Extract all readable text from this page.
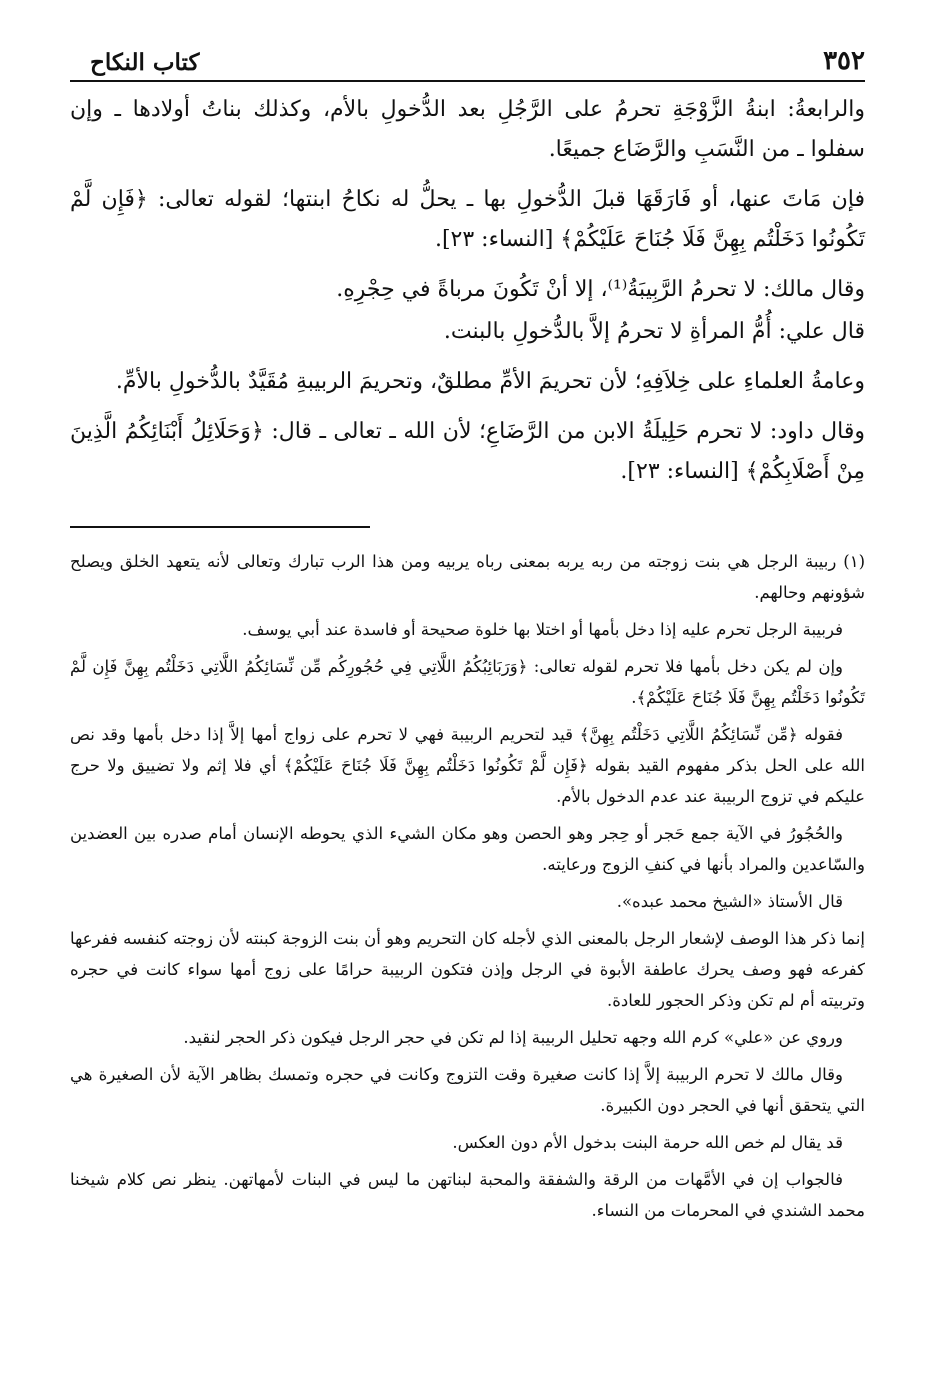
٣٥٢
كتاب النكاح

والرابعةُ: ابنةُ الزَّوْجَةِ تحرمُ على الرَّجُلِ بعد الدُّخولِ بالأم، وكذلك بناتُ أولادها ـ وإن سفلوا ـ من النَّسَبِ والرَّضَاع جميعًا.

فإن مَاتَ عنها، أو فَارَقَهَا قبلَ الدُّخولِ بها ـ يحلُّ له نكاحُ ابنتها؛ لقوله تعالى: ﴿فَإِن لَّمْ تَكُونُوا دَخَلْتُم بِهِنَّ فَلَا جُنَاحَ عَلَيْكُمْ﴾ [النساء: ٢٣].

وقال مالك: لا تحرمُ الرَّبِيبَةُ⁽¹⁾، إلا أنْ تَكُونَ مرباةً في حِجْرِهِ.

قال علي: أُمُّ المرأةِ لا تحرمُ إلاَّ بالدُّخولِ بالبنت.

وعامةُ العلماءِ على خِلاَفِهِ؛ لأن تحريمَ الأمِّ مطلقٌ، وتحريمَ الربيبةِ مُقَيَّدٌ بالدُّخولِ بالأمِّ.

وقال داود: لا تحرم حَلِيلَةُ الابن من الرَّضَاعِ؛ لأن الله ـ تعالى ـ قال: ﴿وَحَلَائِلُ أَبْنَائِكُمُ الَّذِينَ مِنْ أَصْلَابِكُمْ﴾ [النساء: ٢٣].

(١) ربيبة الرجل هي بنت زوجته من ربه يربه بمعنى رباه يربيه ومن هذا الرب تبارك وتعالى لأنه يتعهد الخلق ويصلح شؤونهم وحالهم.

فربيبة الرجل تحرم عليه إذا دخل بأمها أو اختلا بها خلوة صحيحة أو فاسدة عند أبي يوسف.

وإن لم يكن دخل بأمها فلا تحرم لقوله تعالى: ﴿وَرَبَائِبُكُمُ اللَّاتِي فِي حُجُورِكُم مِّن نِّسَائِكُمُ اللَّاتِي دَخَلْتُم بِهِنَّ فَإِن لَّمْ تَكُونُوا دَخَلْتُم بِهِنَّ فَلَا جُنَاحَ عَلَيْكُمْ﴾.

فقوله ﴿مِّن نِّسَائِكُمُ اللَّاتِي دَخَلْتُم بِهِنَّ﴾ قيد لتحريم الربيبة فهي لا تحرم على زواج أمها إلاَّ إذا دخل بأمها وقد نص الله على الحل بذكر مفهوم القيد بقوله ﴿فَإِن لَّمْ تَكُونُوا دَخَلْتُم بِهِنَّ فَلَا جُنَاحَ عَلَيْكُمْ﴾ أي فلا إثم ولا تضييق ولا حرج عليكم في تزوج الربيبة عند عدم الدخول بالأم.

والحُجُورُ في الآية جمع حَجر أو حِجر وهو الحصن وهو مكان الشيء الذي يحوطه الإنسان أمام صدره بين العضدين والسّاعدين والمراد بأنها في كنفِ الزوج ورعايته.

قال الأستاذ «الشيخ محمد عبده».

إنما ذكر هذا الوصف لإشعار الرجل بالمعنى الذي لأجله كان التحريم وهو أن بنت الزوجة كبنته لأن زوجته كنفسه ففرعها كفرعه فهو وصف يحرك عاطفة الأبوة في الرجل وإذن فتكون الربيبة حرامًا على زوج أمها سواء كانت في حجره وتربيته أم لم تكن وذكر الحجور للعادة.

وروي عن «علي» كرم الله وجهه تحليل الربيبة إذا لم تكن في حجر الرجل فيكون ذكر الحجر لنقيد.

وقال مالك لا تحرم الربيبة إلاَّ إذا كانت صغيرة وقت التزوج وكانت في حجره وتمسك بظاهر الآية لأن الصغيرة هي التي يتحقق أنها في الحجر دون الكبيرة.

قد يقال لم خص الله حرمة البنت بدخول الأم دون العكس.

فالجواب إن في الأمَّهات من الرقة والشفقة والمحبة لبناتهن ما ليس في البنات لأمهاتهن. ينظر نص كلام شيخنا محمد الشندي في المحرمات من النساء.
